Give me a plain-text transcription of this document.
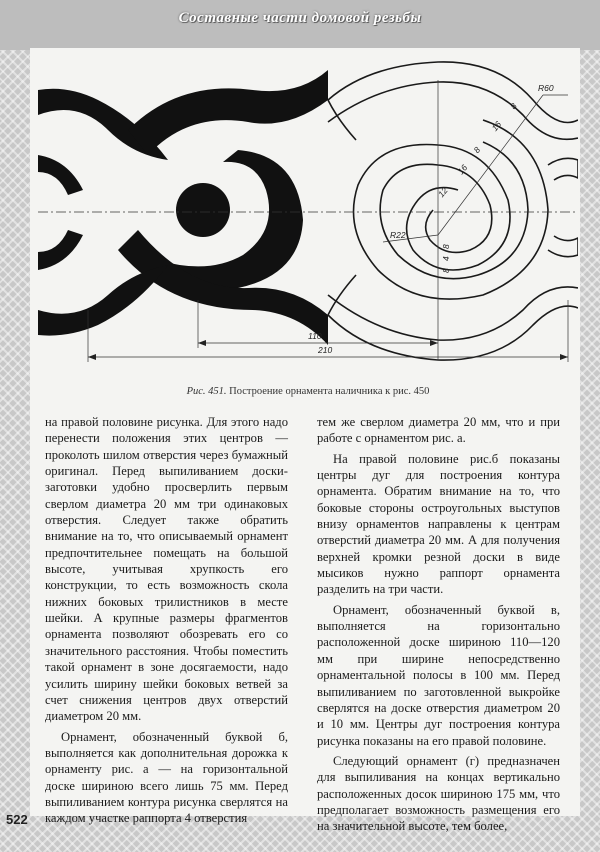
Составные части домовой резьбы
R60
R22
12
16
8
16
8
8
4
8
110
210
Рис. 451. Построение орнамента наличника к рис. 450

на правой половине рисунка. Для этого надо перенести положения этих центров — проколоть шилом отверстия через бумажный оригинал. Перед выпиливанием доски-заготовки удобно просверлить первым сверлом диаметра 20 мм три одинаковых отверстия. Следует также обратить внимание на то, что описываемый орнамент предпочтительнее помещать на большой высоте, учитывая хрупкость его конструкции, то есть возможность скола нижних боковых трилистников в месте шейки. А крупные размеры фрагментов орнамента позволяют обозревать его со значительного расстояния. Чтобы поместить такой орнамент в зоне досягаемости, надо усилить ширину шейки боковых ветвей за счет снижения центров двух отверстий диаметром 20 мм.

Орнамент, обозначенный буквой б, выполняется как дополнительная дорожка к орнаменту рис. а — на горизонтальной доске шириною всего лишь 75 мм. Перед выпиливанием контура рисунка сверлятся на каждом участке раппорта 4 отверстия

тем же сверлом диаметра 20 мм, что и при работе с орнаментом рис. а.

На правой половине рис.б показаны центры дуг для построения контура орнамента. Обратим внимание на то, что боковые стороны остроугольных выступов внизу орнаментов направлены к центрам отверстий диаметра 20 мм. А для получения верхней кромки резной доски в виде мысиков нужно раппорт орнамента разделить на три части.

Орнамент, обозначенный буквой в, выполняется на горизонтально расположенной доске шириною 110—120 мм при ширине непосредственно орнаментальной полосы в 100 мм. Перед выпиливанием по заготовленной выкройке сверлятся на доске отверстия диаметром 20 и 10 мм. Центры дуг построения контура рисунка показаны на его правой половине.

Следующий орнамент (г) предназначен для выпиливания на концах вертикально расположенных досок шириною 175 мм, что предполагает возможность размещения его на значительной высоте, тем более,

522
